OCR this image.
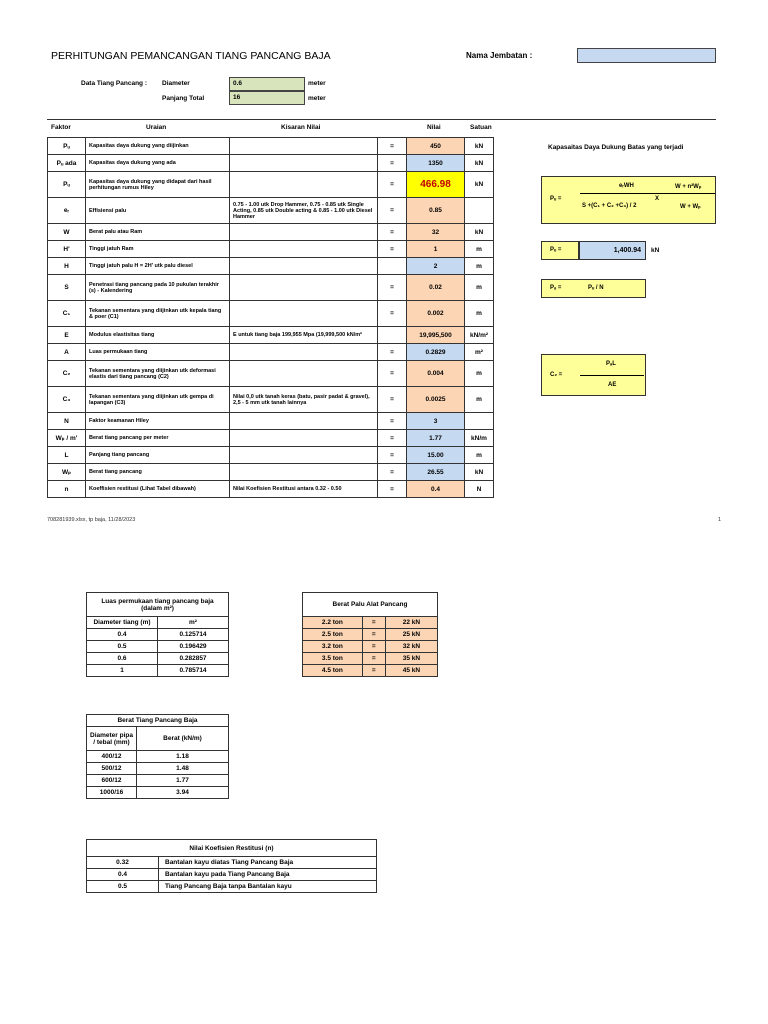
PERHITUNGAN PEMANCANGAN TIANG PANCANG BAJA	Nama Jembatan :
Data Tiang Pancang : Diameter	0.6	meter
Panjang Total	16	meter
Faktor	Uraian	Kisaran Nilai	Nilai	Satuan
Pᵤ	Kapasitas daya dukung yang diijinkan		=	450	kN
Pᵤ ada	Kapasitas daya dukung yang ada		=	1350	kN
Pᵤ	Kapasitas daya dukung yang didapat dari hasil perhitungan rumus Hiley		=	466.98	kN
eᵣ	Effisiensi palu	0.75 - 1.00 utk Drop Hammer, 0.75 - 0.85 utk Single Acting, 0.85 utk Double acting & 0.85 - 1.00 utk Diesel Hammer	=	0.85	
W	Berat palu atau Ram		=	32	kN
H'	Tinggi jatuh Ram		=	1	m
H	Tinggi jatuh palu H = 2H' utk palu diesel			2	m
S	Penetrasi tiang pancang pada 10 pukulan terakhir (s) - Kalendering		=	0.02	m
C₁	Tekanan sementara yang diijinkan utk kepala tiang & poer (C1)		=	0.002	m
E	Modulus elastisitas tiang	E untuk tiang baja 199,955 Mpa (19,999,500 kN/m²		19,995,500	kN/m²
A	Luas permukaan tiang		=	0.2829	m²
C₂	Tekanan sementara yang diijinkan utk deformasi elastis dari tiang pancang (C2)		=	0.004	m
C₃	Tekanan sementara yang diijinkan utk gempa di lapangan (C3)	Nilai 0,0 utk tanah keras (batu, pasir padat & gravel), 2,5 - 5 mm utk tanah lainnya	=	0.0025	m
N	Faktor keamanan Hiley		=	3	
Wₚ / m'	Berat tiang pancang per meter		=	1.77	kN/m
L	Panjang tiang pancang		=	15.00	m
Wₚ	Berat tiang pancang		=	26.55	kN
n	Koeffisien restitusi (Lihat Tabel dibawah)	Nilai Koefisien Restitusi antara 0.32 - 0.50	=	0.4	N
Kapasaitas Daya Dukung Batas yang terjadi
Pᵤ =
eᵣWH
S +(C₁ + C₂ +C₃) / 2
X
W + n²Wₚ
W + Wₚ
Pᵤ =	1,400.94	kN
Pₐ =	Pᵤ / N
C₂ =
PₐL
AE
708281939.xlsx, tp baja, 11/28/2023	1
Luas permukaan tiang pancang baja (dalam m²)	
Diameter tiang (m)	m²
0.4	0.125714
0.5	0.196429
0.6	0.282857
1	0.785714
Berat Palu Alat Pancang		
2.2 ton	=	22 kN
2.5 ton	=	25 kN
3.2 ton	=	32 kN
3.5 ton	=	35 kN
4.5 ton	=	45 kN
Berat Tiang Pancang Baja	
Diameter pipa / tebal (mm)	Berat (kN/m)
400/12	1.18
500/12	1.48
600/12	1.77
1000/16	3.94
Nilai Koefisien Restitusi (n)	
0.32	Bantalan kayu diatas Tiang Pancang Baja
0.4	Bantalan kayu pada Tiang Pancang Baja
0.5	Tiang Pancang Baja tanpa Bantalan kayu
